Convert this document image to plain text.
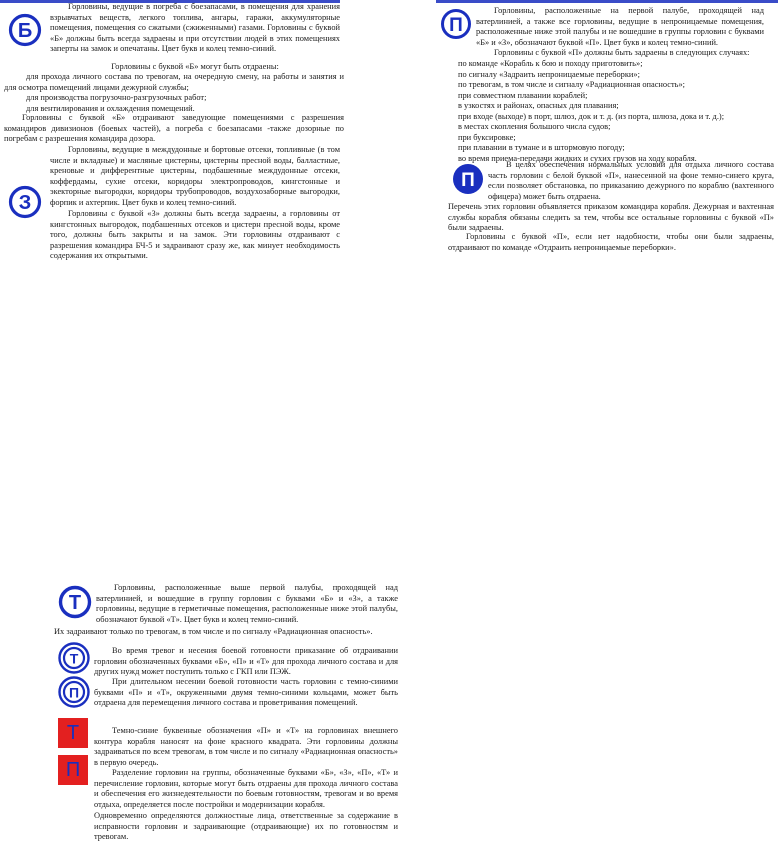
Б

Горловины, ведущие в погреба с боезапасами, в помещения для хранения взрывчатых веществ, легкого топлива, ангары, гаражи, аккумуляторные помещения, помещения со сжатыми (сжиженными) газами. Горловины с буквой «Б» должны быть всегда задраены и при отсутствии людей в этих помещениях заперты на замок и опечатаны. Цвет букв и колец темно-синий.

Горловины с буквой «Б» могут быть отдраены:

для прохода личного состава по тревогам, на очередную смену, на работы и занятия и для осмотра помещений лицами дежурной службы;

для производства погрузочно-разгрузочных работ;

для вентилирования и охлаждения помещений.

Горловины с буквой «Б» отдраивают заведующие помещениями с разрешения командиров дивизионов (боевых частей), а погреба с боезапасами -также дозорные по погребам с разрешения командира дозора.

З

Горловины, ведущие в междудонные и бортовые отсеки, топливные (в том числе и вкладные) и масляные цистерны, цистерны пресной воды, балластные, креновые и дифферентные цистерны, подбашенные междудонные отсеки, коффердамы, сухие отсеки, коридоры электропроводов, кингстонные и экекторные выгородки, коридоры трубопроводов, воздухозаборные выгородки, форпик и ахтерпик. Цвет букв и колец темно-синий.

Горловины с буквой «З» должны быть всегда задраены, а горловины от кингстонных выгородок, подбашенных отсеков и цистерн пресной воды, кроме того, должны быть закрыты и на замок. Эти горловины отдраивают с разрешения командира БЧ-5 и задраивают сразу же, как минует необходимость содержания их открытыми.

П

Горловины, расположенные на первой палубе, проходящей над ватерлинией, а также все горловины, ведущие в непроницаемые помещения, расположенные ниже этой палубы и не вошедшие в группы горловин с буквами «Б» и «З», обозначают буквой «П». Цвет букв и колец темно-синий.

Горловины с буквой «П» должны быть задраены в следующих случаях:

по команде «Корабль к бою и походу приготовить»;

по сигналу «Задраить непроницаемые переборки»;

по тревогам, в том числе и сигналу «Радиационная опасность»;

при совместном плавании кораблей;

в узкостях и районах, опасных для плавания;

при входе (выходе) в порт, шлюз, док и т. д. (из порта, шлюза, дока и т. д.);

в местах скопления большого числа судов;

при буксировке;

при плавании в тумане и в штормовую погоду;

во время приема-передачи жидких и сухих грузов на ходу корабля.

П

В целях обеспечения нормальных условий для отдыха личного состава часть горловин с белой буквой «П», нанесенной на фоне темно-синего круга, если позволяет обстановка, по приказанию дежурного по кораблю (вахтенного офицера) может быть отдраена.

Перечень этих горловин объявляется приказом командира корабля. Дежурная и вахтенная службы корабля обязаны следить за тем, чтобы все остальные горловины с буквой «П» были задраены.

Горловины с буквой «П», если нет надобности, чтобы они были задраены, отдраивают по команде «Отдраить непроницаемые переборки».

Т

Горловины, расположенные выше первой палубы, проходящей над ватерлинией, и вошедшие в группу горловин с буквами «Б» и «З», а также горловины, ведущие в герметичные помещения, расположенные ниже этой палубы, обозначают буквой «Т». Цвет букв и колец темно-синий.

Их задраивают только по тревогам, в том числе и по сигналу «Радиационная опасность».

Т	Во время тревог и несения боевой готовности приказание об отдраивании горловин обозначенных буквами «Б», «П» и «Т» для прохода личного состава и для других нужд может поступить только с ГКП или ПЭЖ.

П

При длительном несении боевой готовности часть горловин с темно-синими буквами «П» и «Т», окруженными двумя темно-синими кольцами, может быть отдраена для перемещения личного состава и проветривания помещений.

Т	Темно-синие буквенные обозначения «П» и «Т» на горловинах внешнего контура корабля наносят на фоне красного квадрата. Эти горловины должны задраиваться по всем тревогам, в том числе и по сигналу «Радиационная опасность» в первую очередь.

П	Разделение горловин на группы, обозначенные буквами «Б», «З», «П», «Т» и перечисление горловин, которые могут быть отдраены для прохода личного состава и обеспечения его жизнедеятельности по боевым готовностям, тревогам и во время отдыха, определяется после постройки и модернизации корабля.

Одновременно определяются должностные лица, ответственные за содержание в исправности горловин и задраивающие (отдраивающие) их по готовностям и тревогам.
